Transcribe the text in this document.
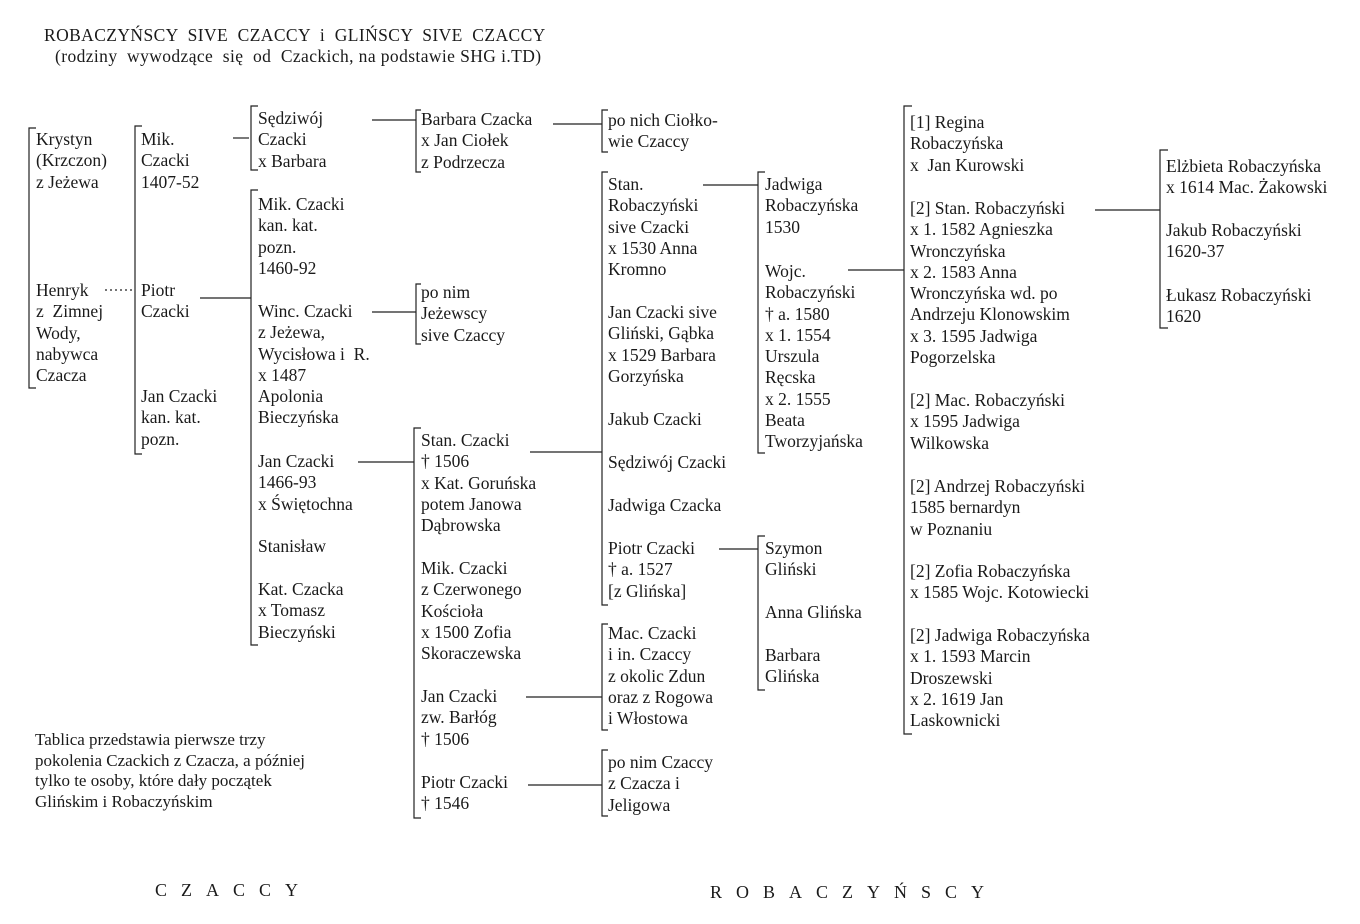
ROBACZYŃSCY  SIVE  CZACCY  i  GLIŃSCY  SIVE  CZACCY
(rodziny  wywodzące  się  od  Czackich, na podstawie SHG i.TD)
Krystyn
(Krzczon)
z Jeżewa
Henryk
z  Zimnej
Wody,
nabywca
Czacza
Mik.
Czacki
1407-52
Piotr
Czacki
Jan Czacki
kan. kat.
pozn.
Sędziwój
Czacki
x Barbara
Mik. Czacki
kan. kat.
pozn.
1460-92
Winc. Czacki
z Jeżewa,
Wycisłowa i  R.
x 1487
Apolonia
Bieczyńska
Jan Czacki
1466-93
x Świętochna
Stanisław
Kat. Czacka
x Tomasz
Bieczyński
Barbara Czacka
x Jan Ciołek
z Podrzecza
po nim
Jeżewscy
sive Czaccy
Stan. Czacki
† 1506
x Kat. Goruńska
potem Janowa
Dąbrowska
Mik. Czacki
z Czerwonego
Kościoła
x 1500 Zofia
Skoraczewska
Jan Czacki
zw. Barłóg
† 1506
Piotr Czacki
† 1546
po nich Ciołko-
wie Czaccy
Stan.
Robaczyński
sive Czacki
x 1530 Anna
Kromno
Jan Czacki sive
Gliński, Gąbka
x 1529 Barbara
Gorzyńska
Jakub Czacki
Sędziwój Czacki
Jadwiga Czacka
Piotr Czacki
† a. 1527
[z Glińska]
Mac. Czacki
i in. Czaccy
z okolic Zdun
oraz z Rogowa
i Włostowa
po nim Czaccy
z Czacza i
Jeligowa
Jadwiga
Robaczyńska
1530
Wojc.
Robaczyński
† a. 1580
x 1. 1554
Urszula
Ręcska
x 2. 1555
Beata
Tworzyjańska
Szymon
Gliński
Anna Glińska
Barbara
Glińska
[1] Regina
Robaczyńska
x  Jan Kurowski
[2] Stan. Robaczyński
x 1. 1582 Agnieszka
Wronczyńska
x 2. 1583 Anna
Wronczyńska wd. po
Andrzeju Klonowskim
x 3. 1595 Jadwiga
Pogorzelska
[2] Mac. Robaczyński
x 1595 Jadwiga
Wilkowska
[2] Andrzej Robaczyński
1585 bernardyn
w Poznaniu
[2] Zofia Robaczyńska
x 1585 Wojc. Kotowiecki
[2] Jadwiga Robaczyńska
x 1. 1593 Marcin
Droszewski
x 2. 1619 Jan
Laskownicki
Elżbieta Robaczyńska
x 1614 Mac. Żakowski
Jakub Robaczyński
1620-37
Łukasz Robaczyński
1620
Tablica przedstawia pierwsze trzy
pokolenia Czackich z Czacza, a później
tylko te osoby, które dały początek
Glińskim i Robaczyńskim
CZACCY	ROBACZYŃSCY
